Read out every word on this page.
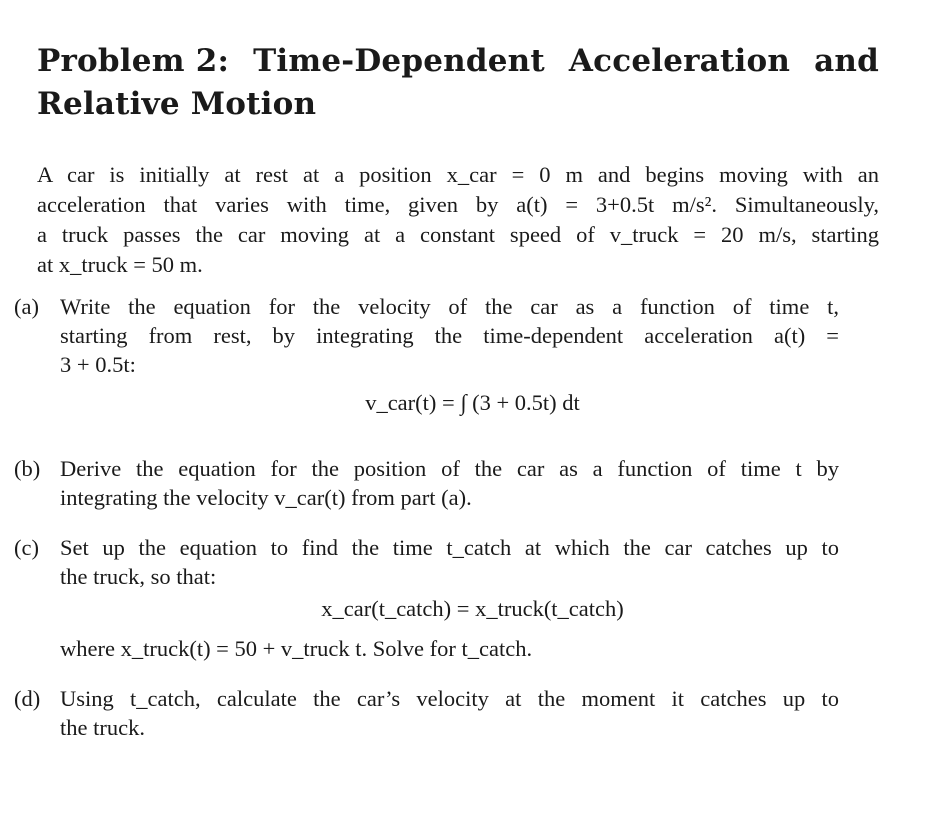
Problem 2: Time-Dependent Acceleration and
Relative Motion
A car is initially at rest at a position x_car = 0 m and begins moving with an
acceleration that varies with time, given by a(t) = 3+0.5t m/s². Simultaneously,
a truck passes the car moving at a constant speed of v_truck = 20 m/s, starting
at x_truck = 50 m.
(a) Write the equation for the velocity of the car as a function of time t,
starting from rest, by integrating the time-dependent acceleration a(t) =
3 + 0.5t:
v_car(t) = ∫ (3 + 0.5t) dt
(b) Derive the equation for the position of the car as a function of time t by
integrating the velocity v_car(t) from part (a).
(c) Set up the equation to find the time t_catch at which the car catches up to
the truck, so that:
x_car(t_catch) = x_truck(t_catch)
where x_truck(t) = 50 + v_truck t. Solve for t_catch.
(d) Using t_catch, calculate the car’s velocity at the moment it catches up to
the truck.
